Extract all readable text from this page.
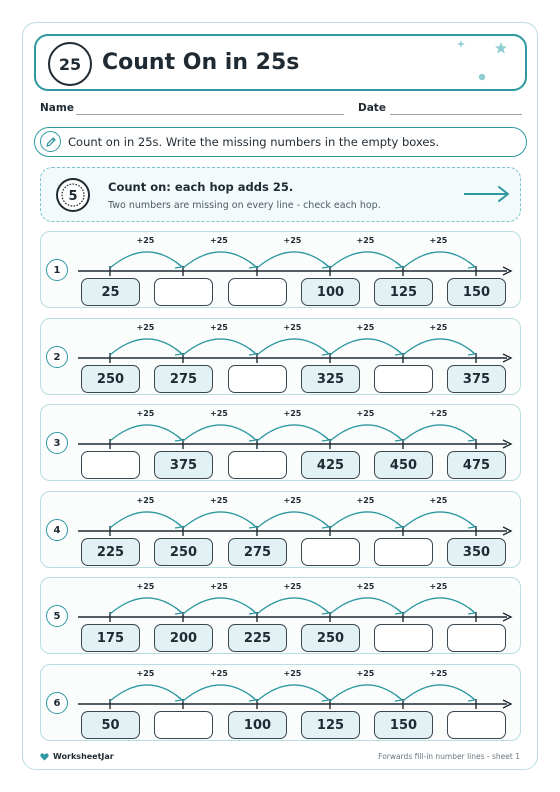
25 Count On in 25s
Name	Date
Count on in 25s. Write the missing numbers in the empty boxes.
5
Count on: each hop adds 25.
Two numbers are missing on every line - check each hop.
1
+25	+25	+25	+25	+25
25	100	125	150
2
+25	+25	+25	+25	+25
250	275	325	375
3
+25	+25	+25	+25	+25
375	425	450	475
4
+25	+25	+25	+25	+25
225	250	275	350
5
+25	+25	+25	+25	+25
175	200	225	250
6
+25	+25	+25	+25	+25
50	100	125	150
WorksheetJar	Forwards fill-in number lines - sheet 1
